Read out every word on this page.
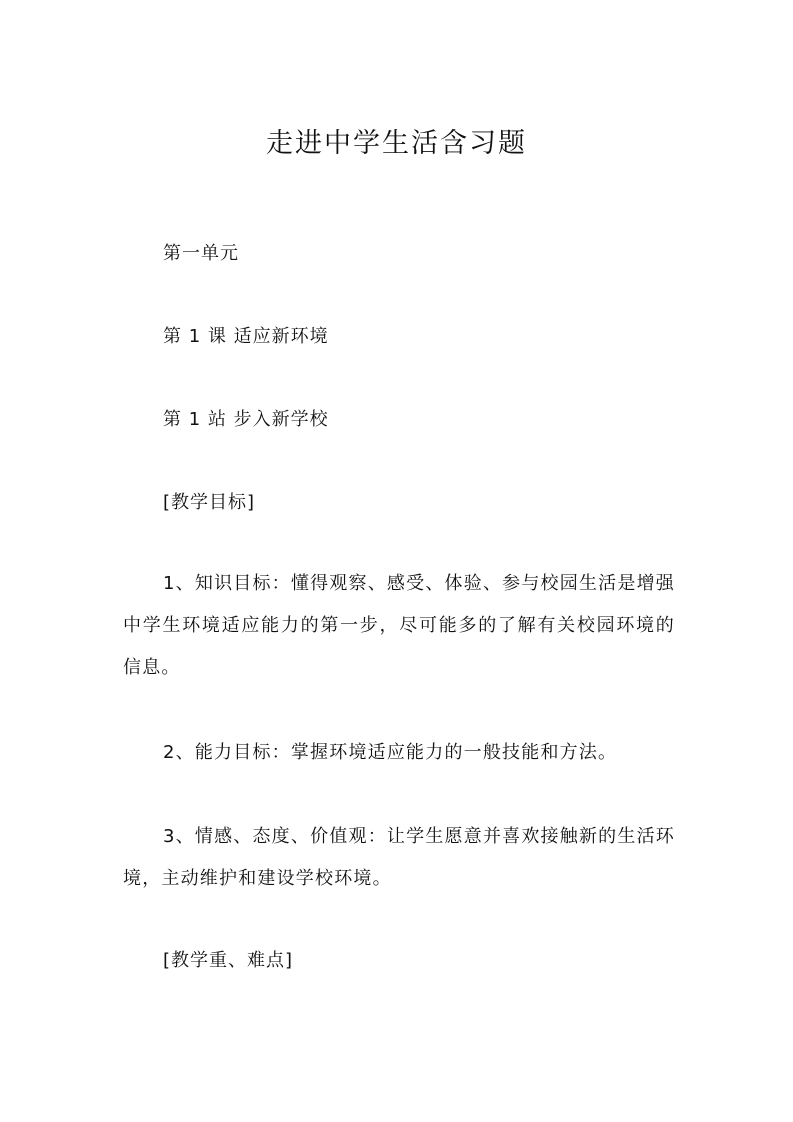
走进中学生活含习题

第一单元

第 1 课 适应新环境

第 1 站 步入新学校

[教学目标]

1、知识目标：懂得观察、感受、体验、参与校园生活是增强中学生环境适应能力的第一步，尽可能多的了解有关校园环境的信息。

2、能力目标：掌握环境适应能力的一般技能和方法。

3、情感、态度、价值观：让学生愿意并喜欢接触新的生活环境，主动维护和建设学校环境。

[教学重、难点]
